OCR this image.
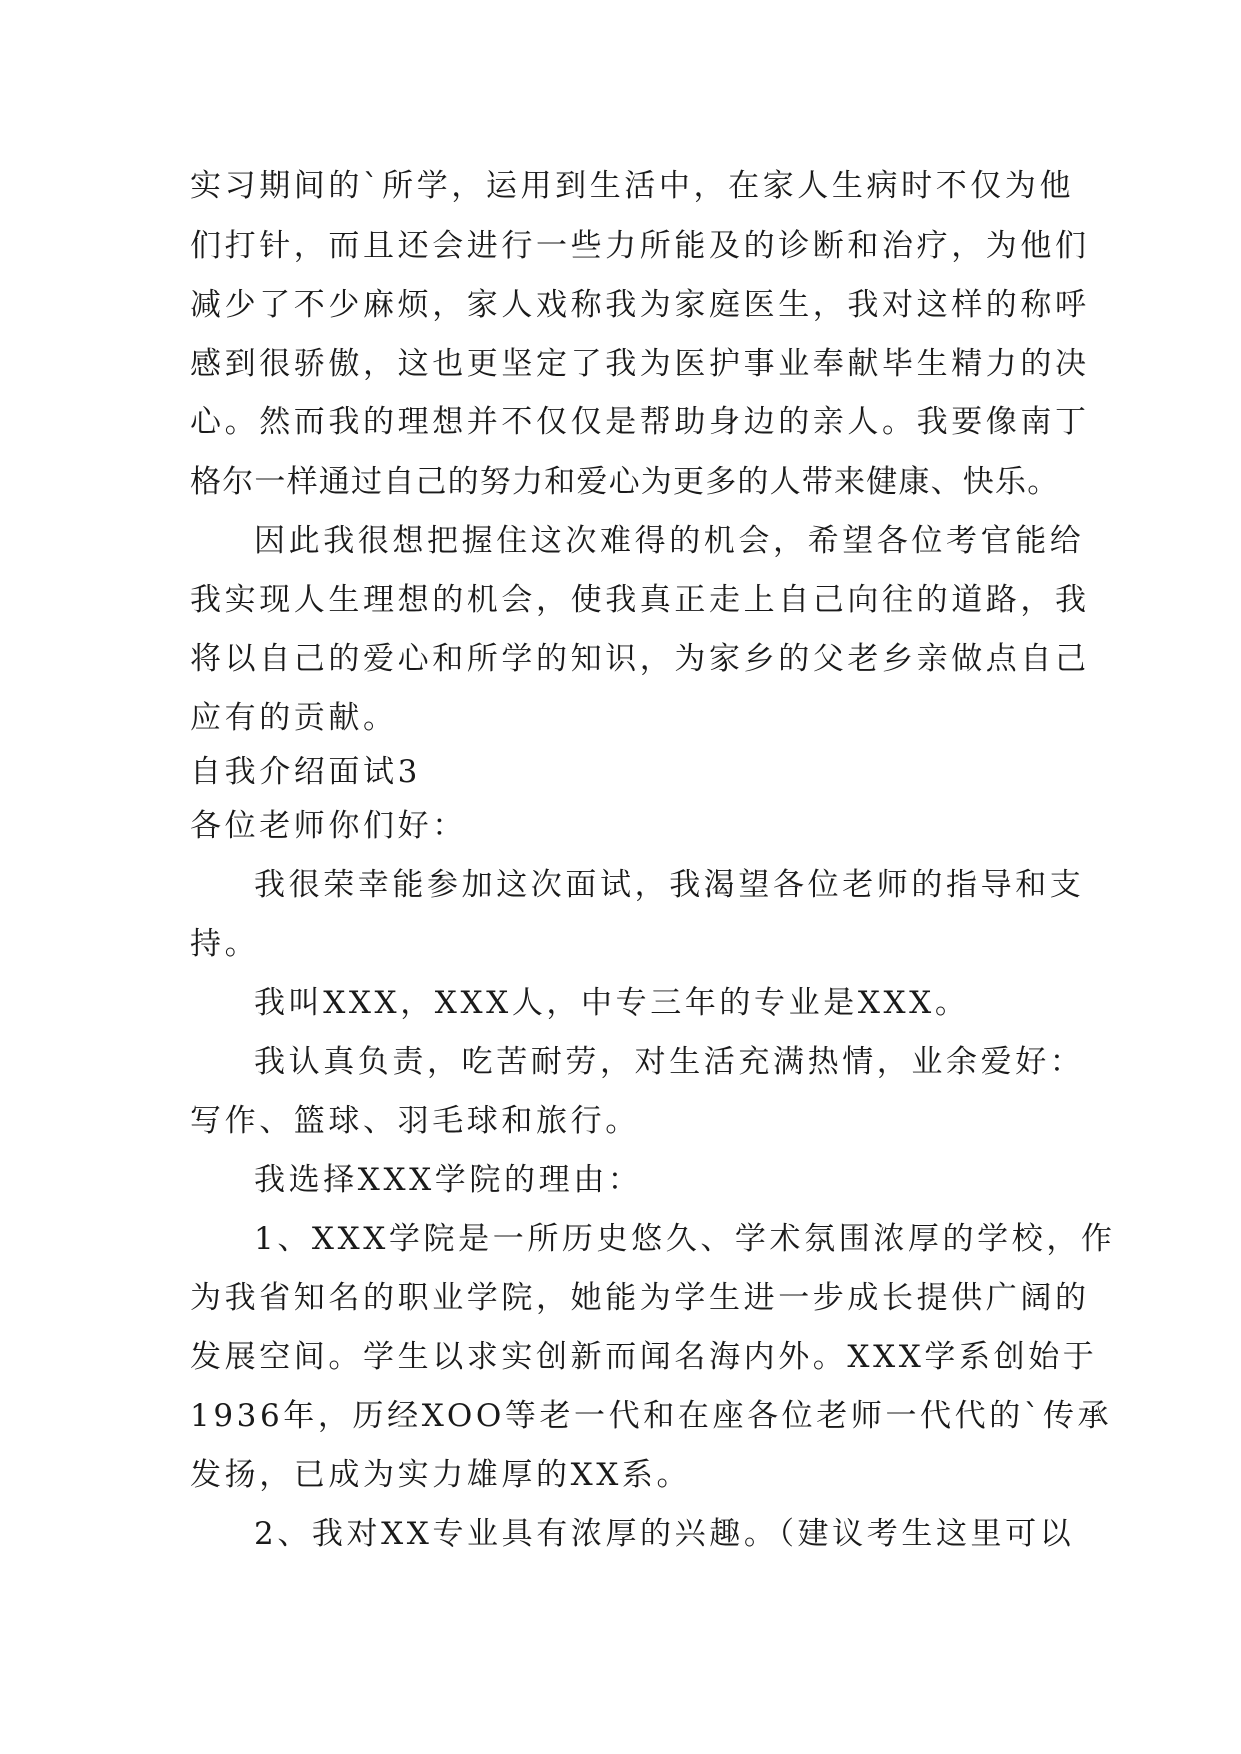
实习期间的`所学，运用到生活中，在家人生病时不仅为他
们打针，而且还会进行一些力所能及的诊断和治疗，为他们
减少了不少麻烦，家人戏称我为家庭医生，我对这样的称呼
感到很骄傲，这也更坚定了我为医护事业奉献毕生精力的决
心。然而我的理想并不仅仅是帮助身边的亲人。我要像南丁
格尔一样通过自己的努力和爱心为更多的人带来健康、快乐。
因此我很想把握住这次难得的机会，希望各位考官能给
我实现人生理想的机会，使我真正走上自己向往的道路，我
将以自己的爱心和所学的知识，为家乡的父老乡亲做点自己
应有的贡献。
自我介绍面试3
各位老师你们好：
我很荣幸能参加这次面试，我渴望各位老师的指导和支
持。
我叫XXX，XXX人，中专三年的专业是XXX。
我认真负责，吃苦耐劳，对生活充满热情，业余爱好：
写作、篮球、羽毛球和旅行。
我选择XXX学院的理由：
1、XXX学院是一所历史悠久、学术氛围浓厚的学校，作
为我省知名的职业学院，她能为学生进一步成长提供广阔的
发展空间。学生以求实创新而闻名海内外。XXX学系创始于
1936年，历经XOO等老一代和在座各位老师一代代的`传承
发扬，已成为实力雄厚的XX系。
2、我对XX专业具有浓厚的兴趣。（建议考生这里可以
